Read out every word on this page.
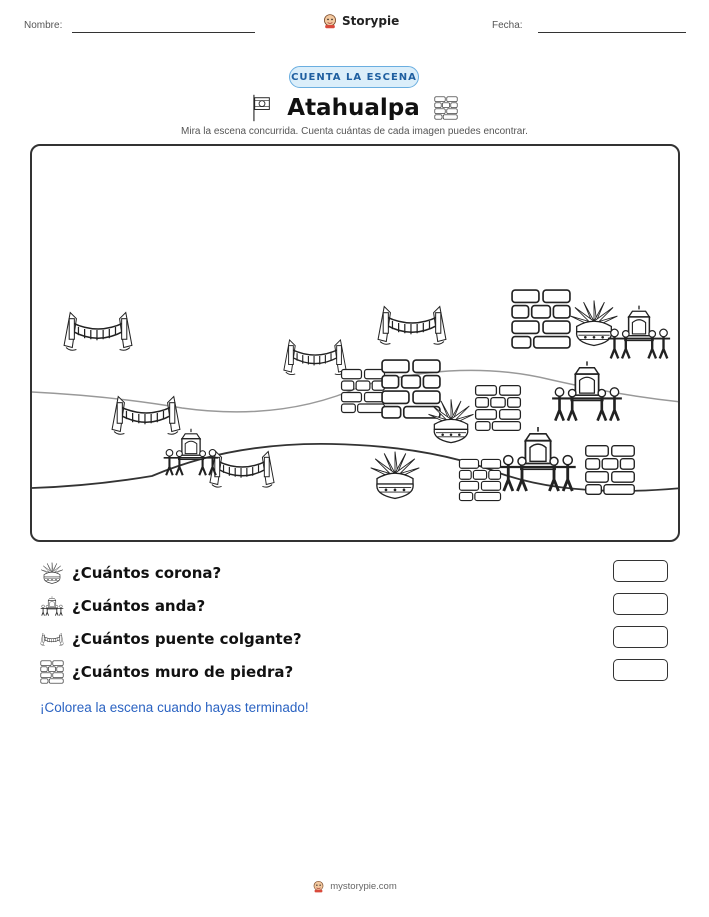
Nombre:	Storypie	Fecha:
CUENTA LA ESCENA
Atahualpa
Mira la escena concurrida. Cuenta cuántas de cada imagen puedes encontrar.
¿Cuántos corona?
¿Cuántos anda?
¿Cuántos puente colgante?
¿Cuántos muro de piedra?
¡Colorea la escena cuando hayas terminado!
mystorypie.com
